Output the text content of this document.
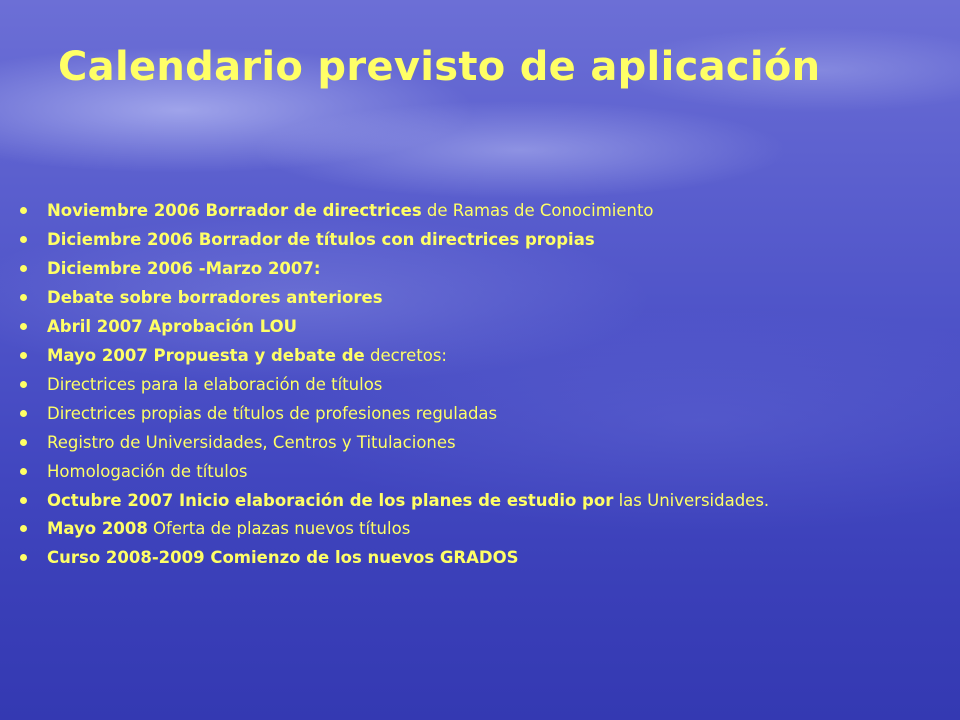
Calendario previsto de aplicación
Noviembre 2006 Borrador de directrices de Ramas de Conocimiento
Diciembre 2006 Borrador de títulos con directrices propias
Diciembre 2006 -Marzo 2007:
Debate sobre borradores anteriores
Abril 2007 Aprobación LOU
Mayo 2007 Propuesta y debate de decretos:
Directrices para la elaboración de títulos
Directrices propias de títulos de profesiones reguladas
Registro de Universidades, Centros y Titulaciones
Homologación de títulos
Octubre 2007 Inicio elaboración de los planes de estudio por las Universidades.
Mayo 2008 Oferta de plazas nuevos títulos
Curso 2008-2009 Comienzo de los nuevos GRADOS
